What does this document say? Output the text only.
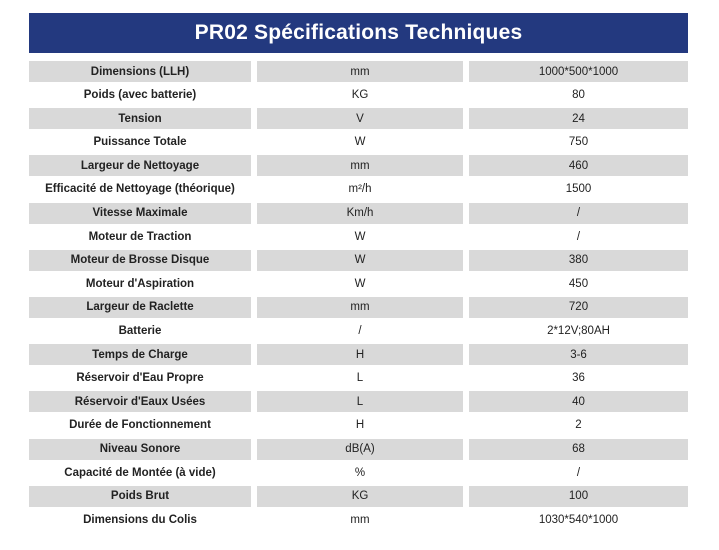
PR02 Spécifications Techniques
Dimensions (LLH)	mm	1000*500*1000
Poids (avec batterie)	KG	80
Tension	V	24
Puissance Totale	W	750
Largeur de Nettoyage	mm	460
Efficacité de Nettoyage (théorique)	m²/h	1500
Vitesse Maximale	Km/h	/
Moteur de Traction	W	/
Moteur de Brosse Disque	W	380
Moteur d'Aspiration	W	450
Largeur de Raclette	mm	720
Batterie	/	2*12V;80AH
Temps de Charge	H	3-6
Réservoir d'Eau Propre	L	36
Réservoir d'Eaux Usées	L	40
Durée de Fonctionnement	H	2
Niveau Sonore	dB(A)	68
Capacité de Montée (à vide)	%	/
Poids Brut	KG	100
Dimensions du Colis	mm	1030*540*1000
